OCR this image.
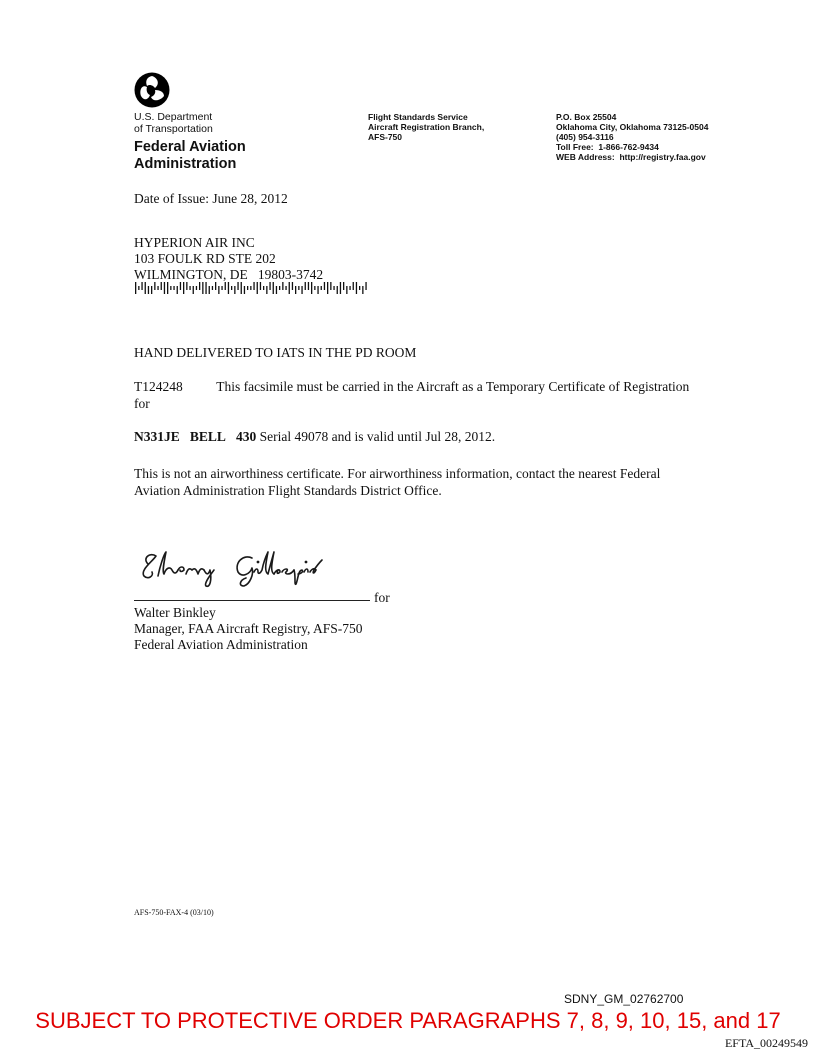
U.S. Department
of Transportation
Federal Aviation
Administration
Flight Standards Service
Aircraft Registration Branch,
AFS-750
P.O. Box 25504
Oklahoma City, Oklahoma 73125-0504
(405) 954-3116
Toll Free:  1-866-762-9434
WEB Address:  http://registry.faa.gov
Date of Issue: June 28, 2012
HYPERION AIR INC
103 FOULK RD STE 202
WILMINGTON, DE   19803-3742
HAND DELIVERED TO IATS IN THE PD ROOM
T124248 This facsimile must be carried in the Aircraft as a Temporary Certificate of Registration for
N331JE BELL 430 Serial 49078 and is valid until Jul 28, 2012.
This is not an airworthiness certificate. For airworthiness information, contact the nearest Federal Aviation Administration Flight Standards District Office.
for
Walter Binkley
Manager, FAA Aircraft Registry, AFS-750
Federal Aviation Administration
AFS-750-FAX-4 (03/10)
SDNY_GM_02762700
SUBJECT TO PROTECTIVE ORDER PARAGRAPHS 7, 8, 9, 10, 15, and 17
EFTA_00249549
